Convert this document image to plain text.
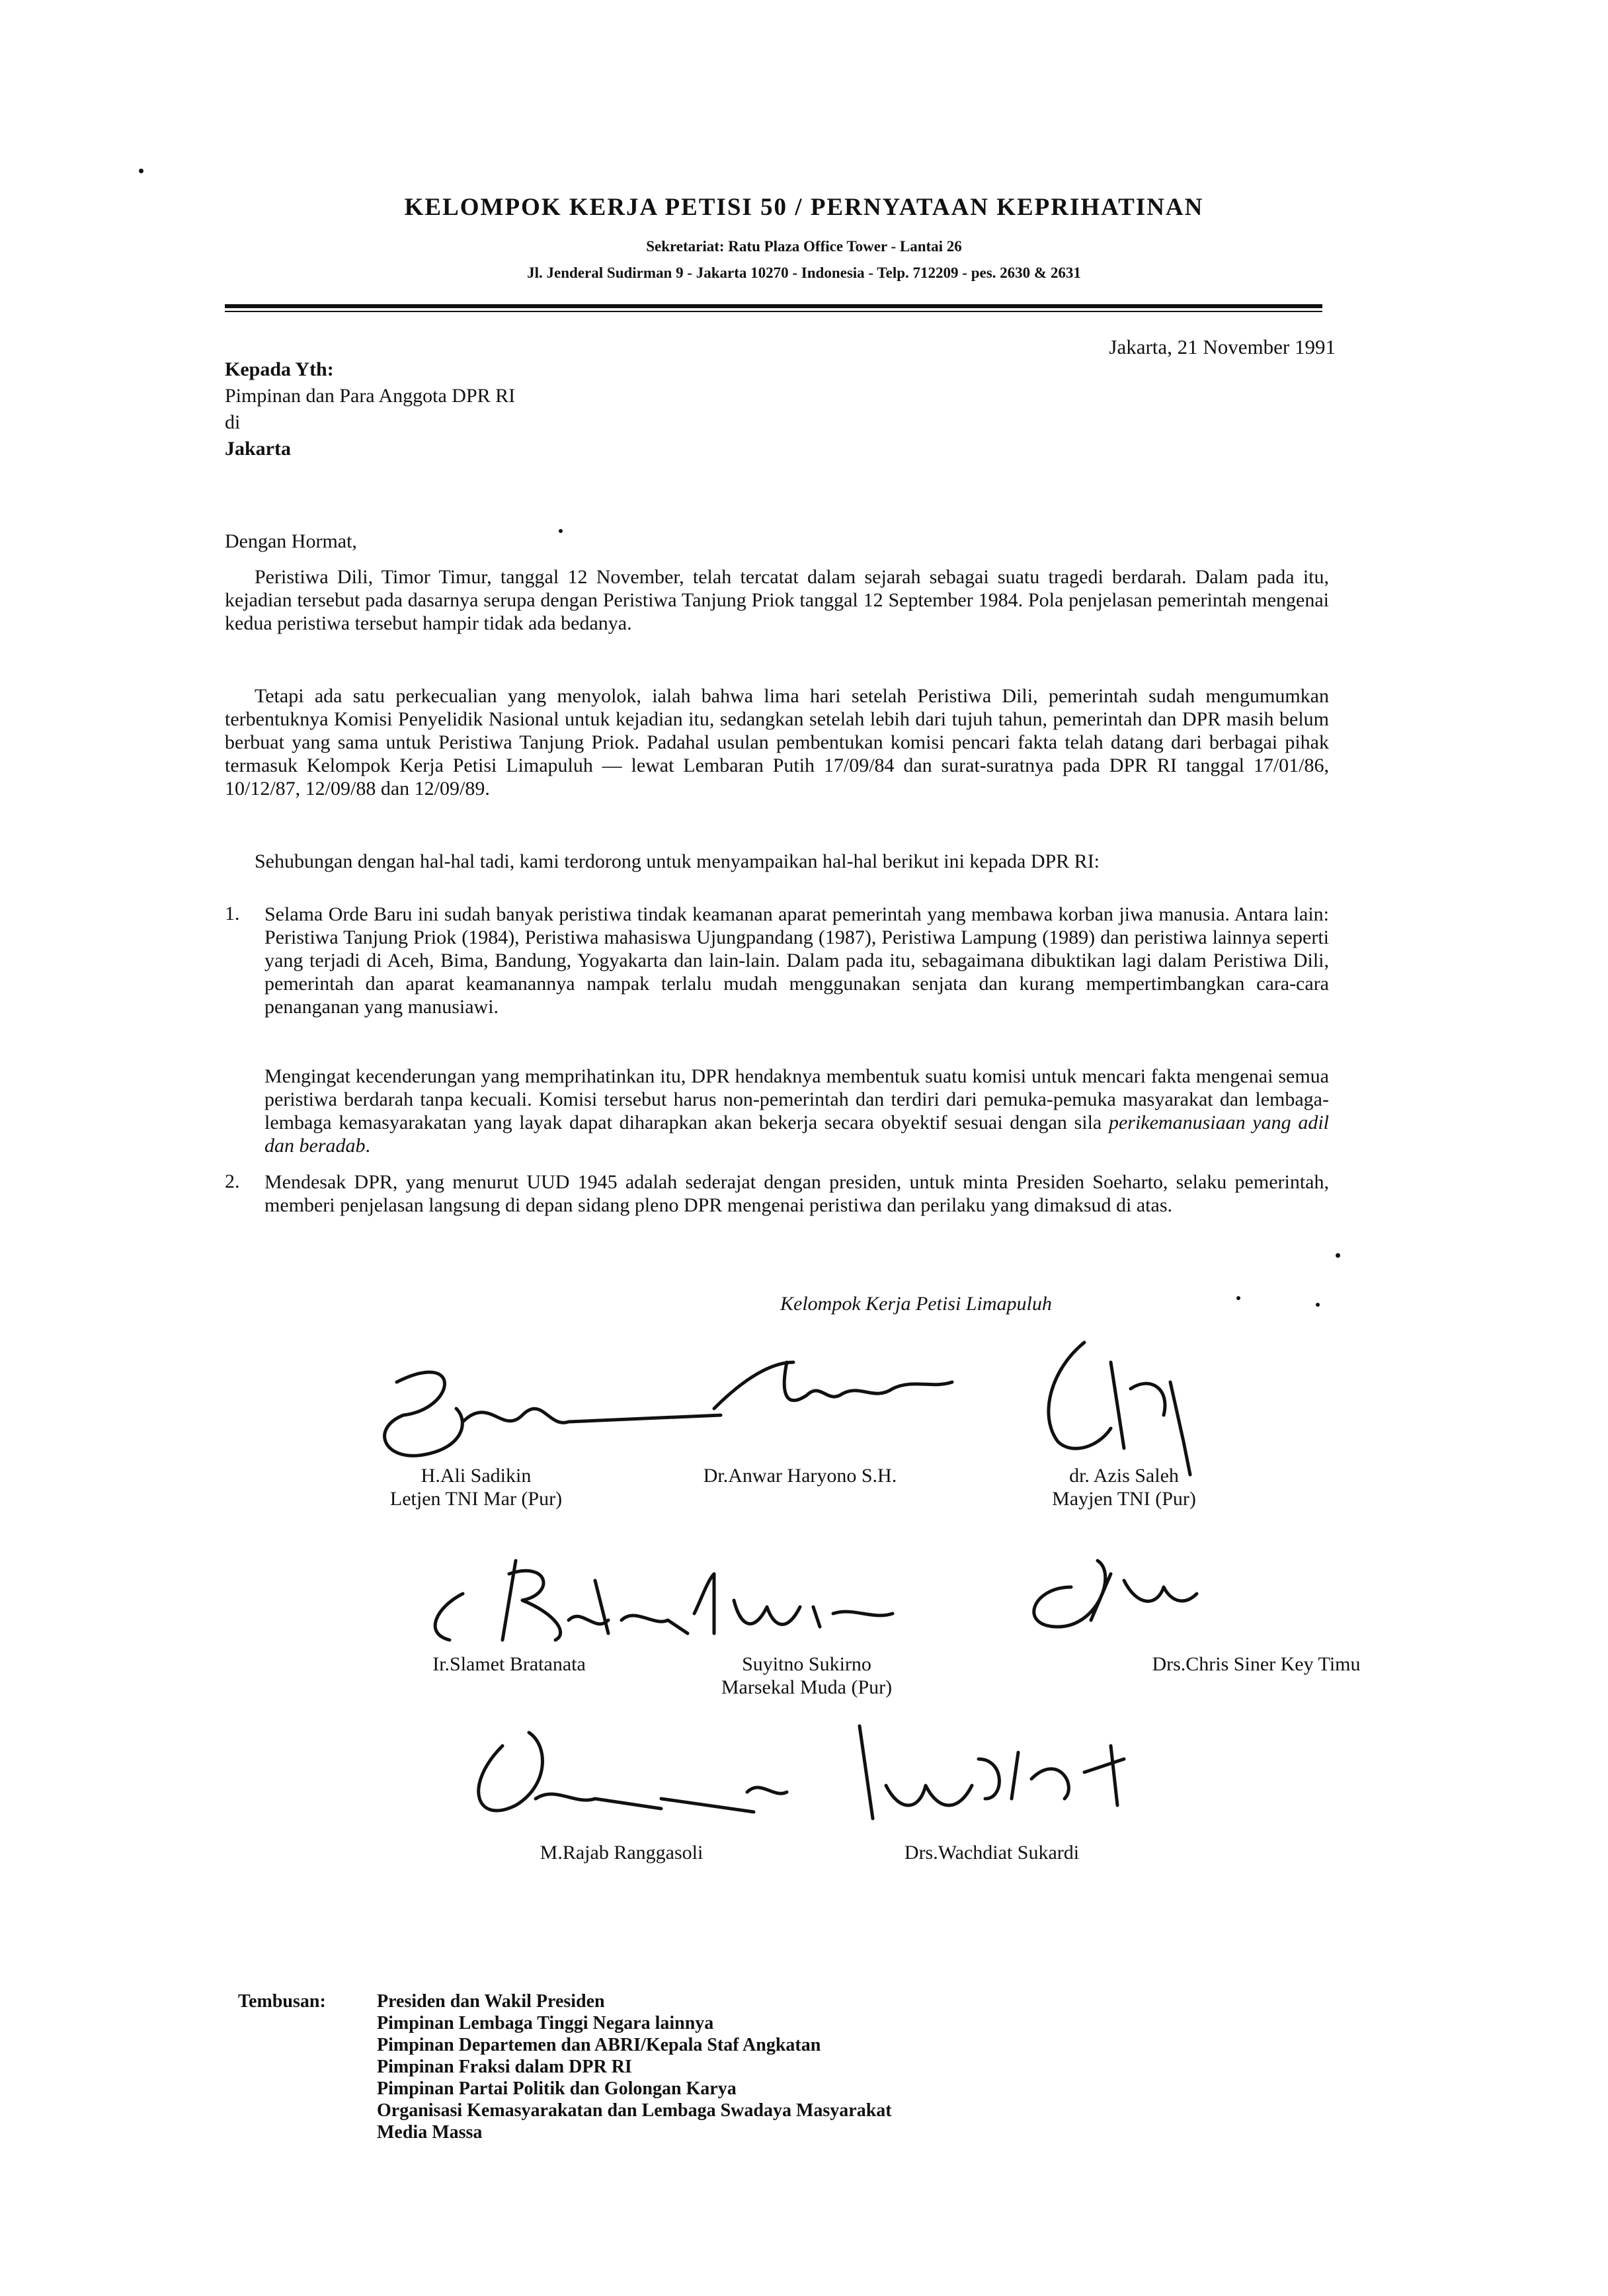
KELOMPOK KERJA PETISI 50 / PERNYATAAN KEPRIHATINAN
Sekretariat: Ratu Plaza Office Tower - Lantai 26
Jl. Jenderal Sudirman 9 - Jakarta 10270 - Indonesia - Telp. 712209 - pes. 2630 & 2631
Jakarta, 21 November 1991
Kepada Yth:
Pimpinan dan Para Anggota DPR RI
di
Jakarta
Dengan Hormat,
Peristiwa Dili, Timor Timur, tanggal 12 November, telah tercatat dalam sejarah sebagai suatu tragedi berdarah. Dalam pada itu, kejadian tersebut pada dasarnya serupa dengan Peristiwa Tanjung Priok tanggal 12 September 1984. Pola penjelasan pemerintah mengenai kedua peristiwa tersebut hampir tidak ada bedanya.
Tetapi ada satu perkecualian yang menyolok, ialah bahwa lima hari setelah Peristiwa Dili, pemerintah sudah mengumumkan terbentuknya Komisi Penyelidik Nasional untuk kejadian itu, sedangkan setelah lebih dari tujuh tahun, pemerintah dan DPR masih belum berbuat yang sama untuk Peristiwa Tanjung Priok. Padahal usulan pembentukan komisi pencari fakta telah datang dari berbagai pihak termasuk Kelompok Kerja Petisi Limapuluh — lewat Lembaran Putih 17/09/84 dan surat-suratnya pada DPR RI tanggal 17/01/86, 10/12/87, 12/09/88 dan 12/09/89.
Sehubungan dengan hal-hal tadi, kami terdorong untuk menyampaikan hal-hal berikut ini kepada DPR RI:
1. Selama Orde Baru ini sudah banyak peristiwa tindak keamanan aparat pemerintah yang membawa korban jiwa manusia. Antara lain: Peristiwa Tanjung Priok (1984), Peristiwa mahasiswa Ujungpandang (1987), Peristiwa Lampung (1989) dan peristiwa lainnya seperti yang terjadi di Aceh, Bima, Bandung, Yogyakarta dan lain-lain. Dalam pada itu, sebagaimana dibuktikan lagi dalam Peristiwa Dili, pemerintah dan aparat keamanannya nampak terlalu mudah menggunakan senjata dan kurang mempertimbangkan cara-cara penanganan yang manusiawi.
Mengingat kecenderungan yang memprihatinkan itu, DPR hendaknya membentuk suatu komisi untuk mencari fakta mengenai semua peristiwa berdarah tanpa kecuali. Komisi tersebut harus non-pemerintah dan terdiri dari pemuka-pemuka masyarakat dan lembaga-lembaga kemasyarakatan yang layak dapat diharapkan akan bekerja secara obyektif sesuai dengan sila perikemanusiaan yang adil dan beradab.
2. Mendesak DPR, yang menurut UUD 1945 adalah sederajat dengan presiden, untuk minta Presiden Soeharto, selaku pemerintah, memberi penjelasan langsung di depan sidang pleno DPR mengenai peristiwa dan perilaku yang dimaksud di atas.
Kelompok Kerja Petisi Limapuluh
H.Ali Sadikin
Letjen TNI Mar (Pur)
Dr.Anwar Haryono S.H.	dr. Azis Saleh
Mayjen TNI (Pur)
Ir.Slamet Bratanata	Suyitno Sukirno
Marsekal Muda (Pur)
Drs.Chris Siner Key Timu
M.Rajab Ranggasoli	Drs.Wachdiat Sukardi
Tembusan:	Presiden dan Wakil Presiden
Pimpinan Lembaga Tinggi Negara lainnya
Pimpinan Departemen dan ABRI/Kepala Staf Angkatan
Pimpinan Fraksi dalam DPR RI
Pimpinan Partai Politik dan Golongan Karya
Organisasi Kemasyarakatan dan Lembaga Swadaya Masyarakat
Media Massa
